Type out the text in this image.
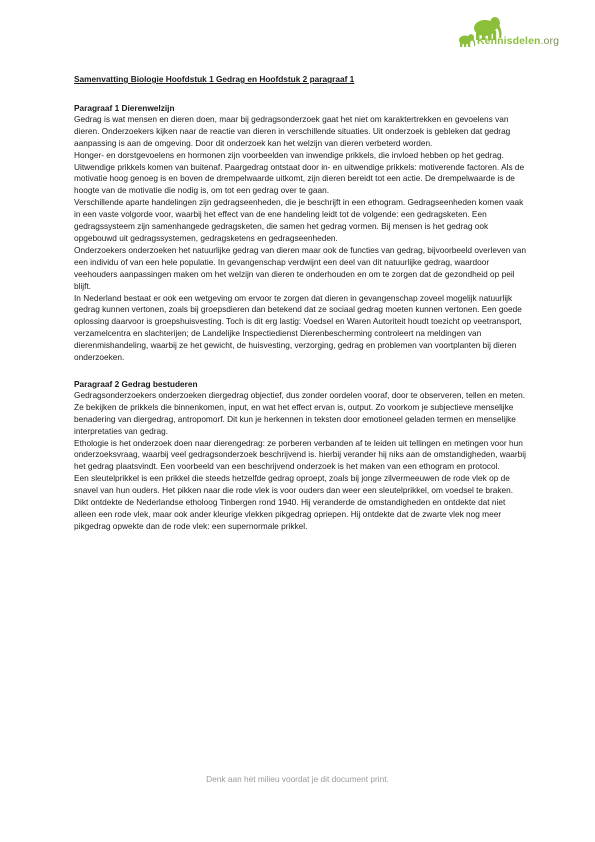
Kennisdelen.org

Samenvatting Biologie Hoofdstuk 1 Gedrag en Hoofdstuk 2 paragraaf 1

Paragraaf 1 Dierenwelzijn

Gedrag is wat mensen en dieren doen, maar bij gedragsonderzoek gaat het niet om karaktertrekken en gevoelens van dieren. Onderzoekers kijken naar de reactie van dieren in verschillende situaties. Uit onderzoek is gebleken dat gedrag aanpassing is aan de omgeving. Door dit onderzoek kan het welzijn van dieren verbeterd worden.

Honger- en dorstgevoelens en hormonen zijn voorbeelden van inwendige prikkels, die invloed hebben op het gedrag. Uitwendige prikkels komen van buitenaf. Paargedrag ontstaat door in- en uitwendige prikkels: motiverende factoren. Als de motivatie hoog genoeg is en boven de drempelwaarde uitkomt, zijn dieren bereidt tot een actie. De drempelwaarde is de hoogte van de motivatie die nodig is, om tot een gedrag over te gaan.

Verschillende aparte handelingen zijn gedragseenheden, die je beschrijft in een ethogram. Gedragseenheden komen vaak in een vaste volgorde voor, waarbij het effect van de ene handeling leidt tot de volgende: een gedragsketen. Een gedragssysteem zijn samenhangede gedragsketen, die samen het gedrag vormen. Bij mensen is het gedrag ook opgebouwd uit gedragssystemen, gedragsketens en gedragseenheden.

Onderzoekers onderzoeken het natuurlijke gedrag van dieren maar ook de functies van gedrag, bijvoorbeeld overleven van een individu of van een hele populatie. In gevangenschap verdwijnt een deel van dit natuurlijke gedrag, waardoor veehouders aanpassingen maken om het welzijn van dieren te onderhouden en om te zorgen dat de gezondheid op peil blijft.

In Nederland bestaat er ook een wetgeving om ervoor te zorgen dat dieren in gevangenschap zoveel mogelijk natuurlijk gedrag kunnen vertonen, zoals bij groepsdieren dan betekend dat ze sociaal gedrag moeten kunnen vertonen. Een goede oplossing daarvoor is groepshuisvesting. Toch is dit erg lastig: Voedsel en Waren Autoriteit houdt toezicht op veetransport, verzamelcentra en slachterijen; de Landelijke Inspectiedienst Dierenbescherming controleert na meldingen van dierenmishandeling, waarbij ze het gewicht, de huisvesting, verzorging, gedrag en problemen van voortplanten bij dieren onderzoeken.

Paragraaf 2 Gedrag bestuderen

Gedragsonderzoekers onderzoeken diergedrag objectief, dus zonder oordelen vooraf, door te observeren, tellen en meten. Ze bekijken de prikkels die binnenkomen, input, en wat het effect ervan is, output. Zo voorkom je subjectieve menselijke benadering van diergedrag, antropomorf. Dit kun je herkennen in teksten door emotioneel geladen termen en menselijke interpretaties van gedrag.

Ethologie is het onderzoek doen naar dierengedrag: ze porberen verbanden af te leiden uit tellingen en metingen voor hun onderzoeksvraag, waarbij veel gedragsonderzoek beschrijvend is. hierbij verander hij niks aan de omstandigheden, waarbij het gedrag plaatsvindt. Een voorbeeld van een beschrijvend onderzoek is het maken van een ethogram en protocol.

Een sleutelprikkel is een prikkel die steeds hetzelfde gedrag oproept, zoals bij jonge zilvermeeuwen de rode vlek op de snavel van hun ouders. Het pikken naar die rode vlek is voor ouders dan weer een sleutelprikkel, om voedsel te braken. Dikt ontdekte de Nederlandse etholoog Tinbergen rond 1940. Hij veranderde de omstandigheden en ontdekte dat niet alleen een rode vlek, maar ook ander kleurige vlekken pikgedrag opriepen. Hij ontdekte dat de zwarte vlek nog meer pikgedrag opwekte dan de rode vlek: een supernormale prikkel.

Denk aan het milieu voordat je dit document print.
